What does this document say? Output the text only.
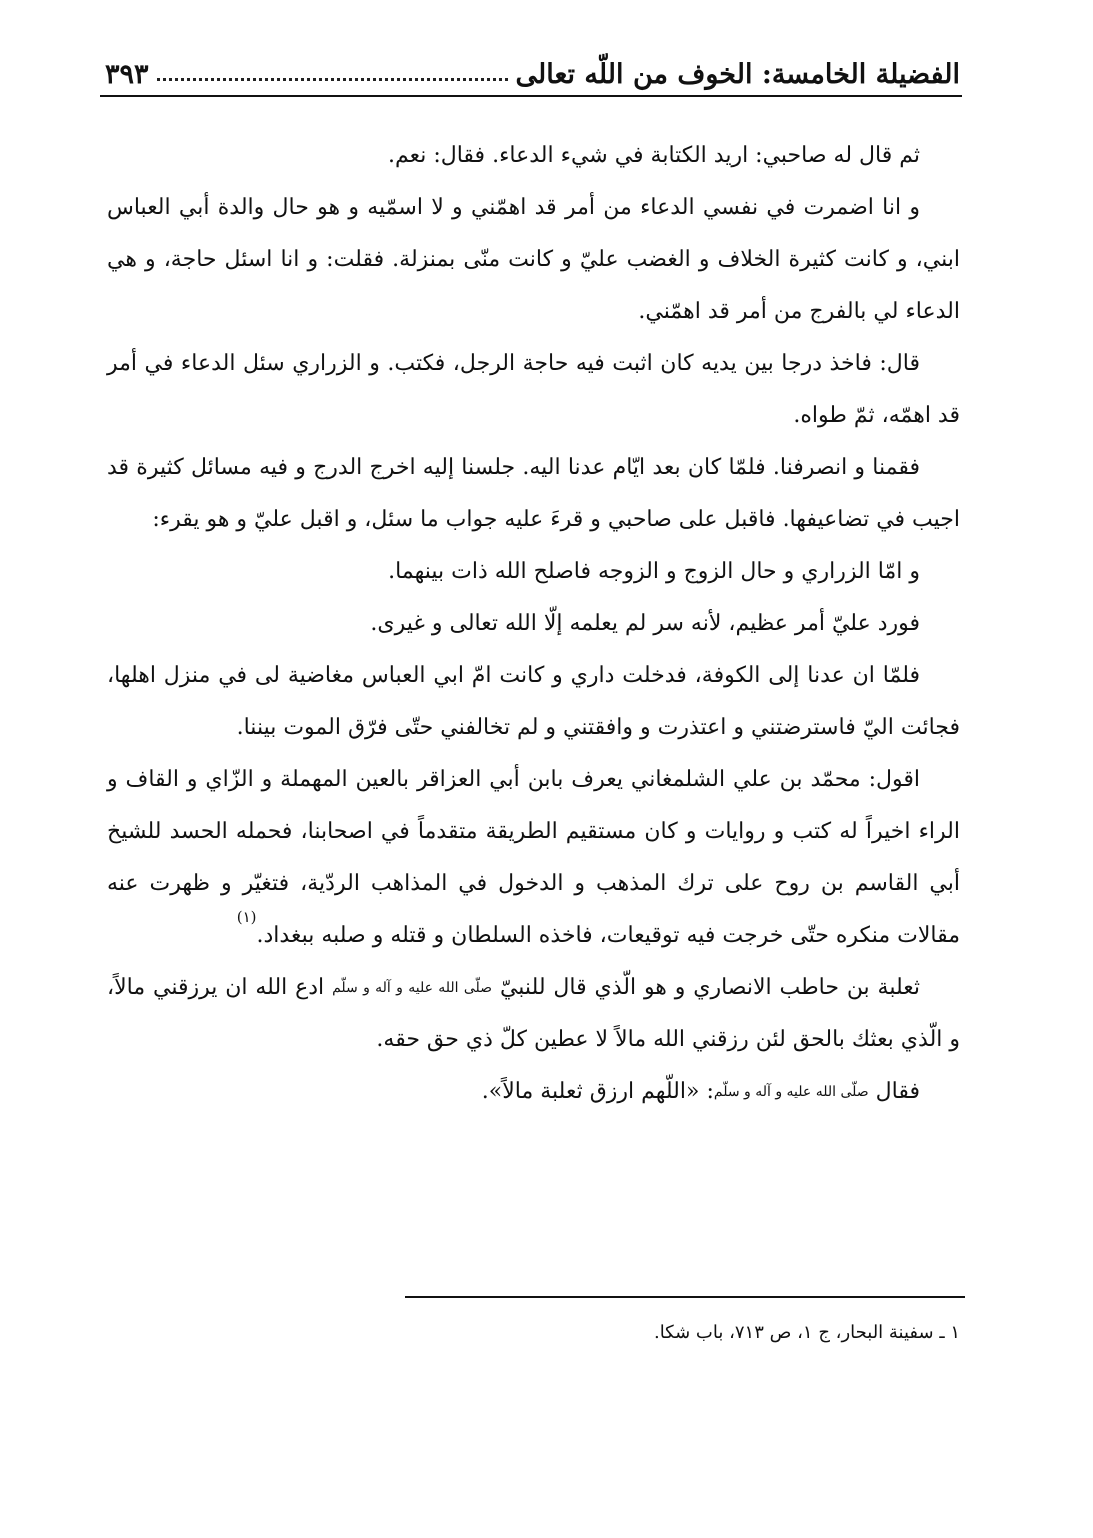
الفضيلة الخامسة: الخوف من اللّه تعالى
٣٩٣

ثم قال له صاحبي: اريد الكتابة في شيء الدعاء. فقال: نعم.

و انا اضمرت في نفسي الدعاء من أمر قد اهمّني و لا اسمّيه و هو حال والدة أبي العباس ابني، و كانت كثيرة الخلاف و الغضب عليّ و كانت منّى بمنزلة. فقلت: و انا اسئل حاجة، و هي الدعاء لي بالفرج من أمر قد اهمّني.

قال: فاخذ درجا بين يديه كان اثبت فيه حاجة الرجل، فكتب. و الزراري سئل الدعاء في أمر قد اهمّه، ثمّ طواه.

فقمنا و انصرفنا. فلمّا كان بعد ايّام عدنا اليه. جلسنا إليه اخرج الدرج و فيه مسائل كثيرة قد اجيب في تضاعيفها. فاقبل على صاحبي و قرءَ عليه جواب ما سئل، و اقبل عليّ و هو يقرء:

و امّا الزراري و حال الزوج و الزوجه فاصلح الله ذات بينهما.

فورد عليّ أمر عظيم، لأنه سر لم يعلمه إلّا الله تعالى و غيرى.

فلمّا ان عدنا إلى الكوفة، فدخلت داري و كانت امّ ابي العباس مغاضية لى في منزل اهلها، فجائت اليّ فاسترضتني و اعتذرت و وافقتني و لم تخالفني حتّى فرّق الموت بيننا.

اقول: محمّد بن علي الشلمغاني يعرف بابن أبي العزاقر بالعين المهملة و الزّاي و القاف و الراء اخيراً له كتب و روايات و كان مستقيم الطريقة متقدماً في اصحابنا، فحمله الحسد للشيخ أبي القاسم بن روح على ترك المذهب و الدخول في المذاهب الردّية، فتغيّر و ظهرت عنه مقالات منكره حتّى خرجت فيه توقيعات، فاخذه السلطان و قتله و صلبه ببغداد.$^{(١)}$

ثعلبة بن حاطب الانصاري و هو الّذي قال للنبيّ $^{صلّى الله عليه و آله و سلّم}$ ادع الله ان يرزقني مالاً، و الّذي بعثك بالحق لئن رزقني الله مالاً لا عطين كلّ ذي حق حقه.

فقال $^{صلّى الله عليه و آله و سلّم}$: «اللّهم ارزق ثعلبة مالاً».

١ ـ سفينة البحار، ج ١، ص ٧١٣، باب شكا.
